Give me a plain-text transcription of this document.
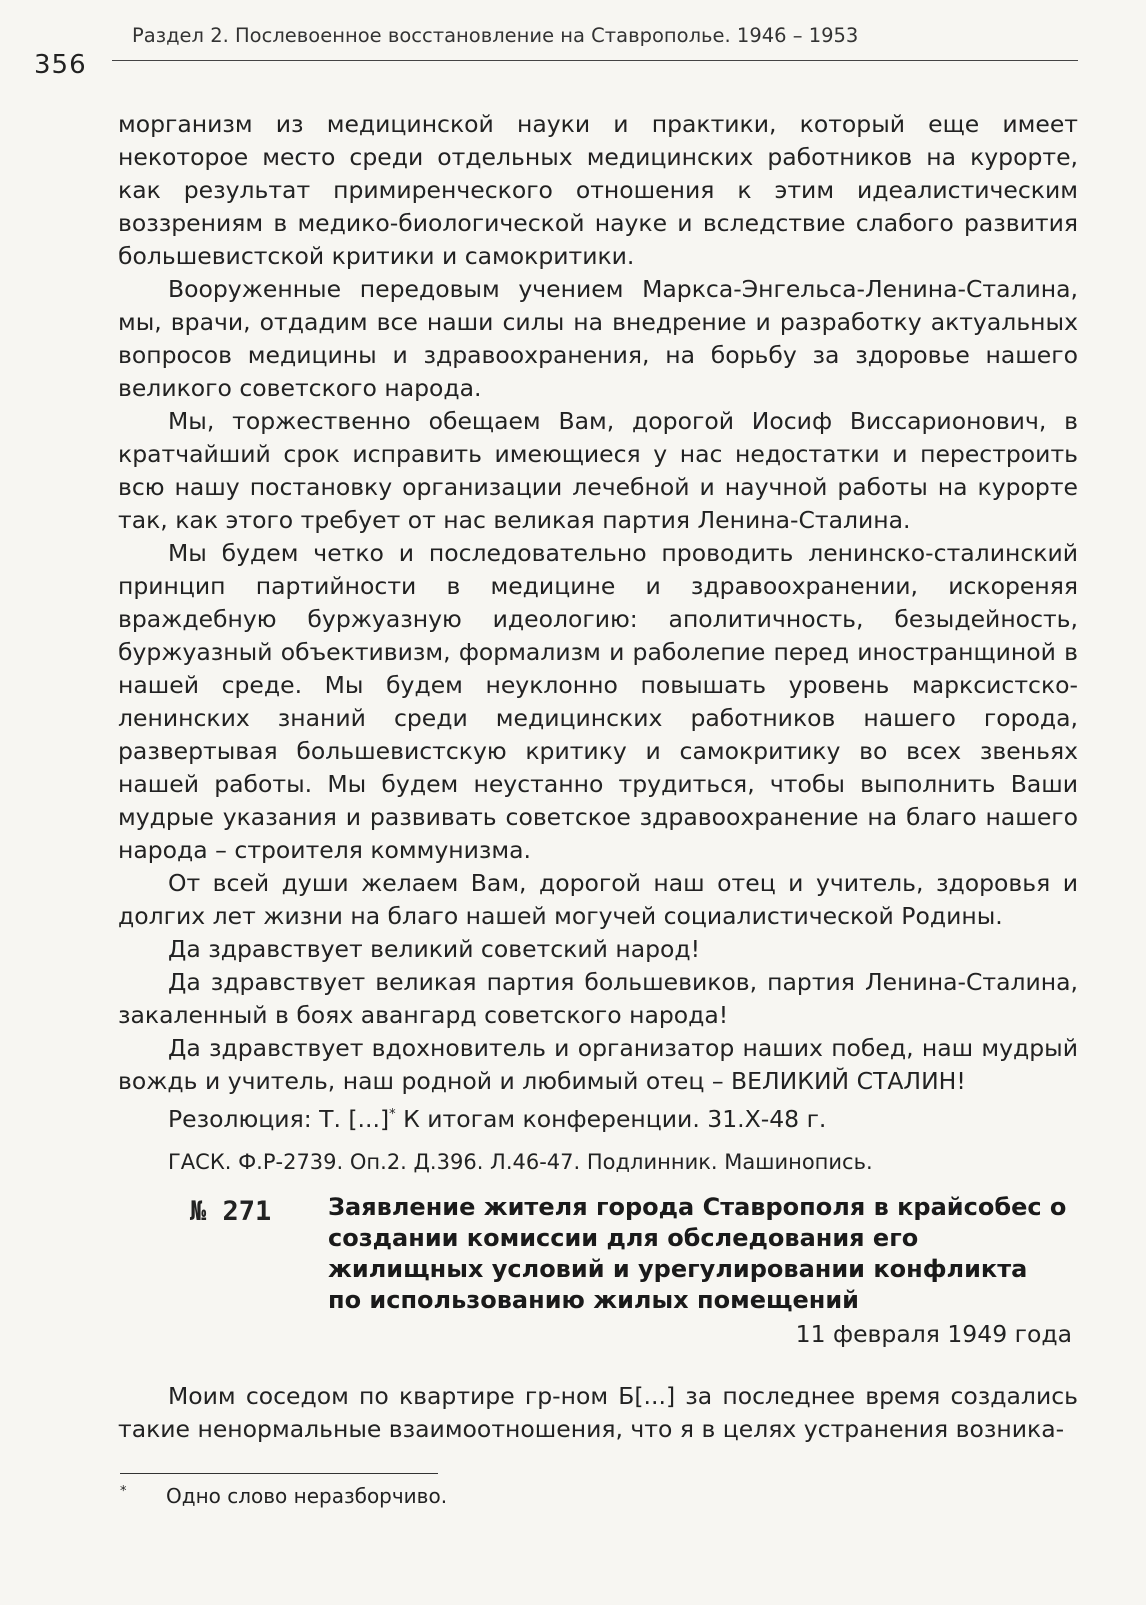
356
Раздел 2. Послевоенное восстановление на Ставрополье. 1946 – 1953

морганизм из медицинской науки и практики, который еще имеет некоторое место среди отдельных медицинских работников на курорте, как результат примиренческого отношения к этим идеалистическим воззрениям в медико-биологической науке и вследствие слабого развития большевистской критики и самокритики.

Вооруженные передовым учением Маркса-Энгельса-Ленина-Сталина, мы, врачи, отдадим все наши силы на внедрение и разработку актуальных вопросов медицины и здравоохранения, на борьбу за здоровье нашего великого советского народа.

Мы, торжественно обещаем Вам, дорогой Иосиф Виссарионович, в кратчайший срок исправить имеющиеся у нас недостатки и перестроить всю нашу постановку организации лечебной и научной работы на курорте так, как этого требует от нас великая партия Ленина-Сталина.

Мы будем четко и последовательно проводить ленинско-сталинский принцип партийности в медицине и здравоохранении, искореняя враждебную буржуазную идеологию: аполитичность, безыдейность, буржуазный объективизм, формализм и раболепие перед иностранщиной в нашей среде. Мы будем неуклонно повышать уровень марксистско-ленинских знаний среди медицинских работников нашего города, развертывая большевистскую критику и самокритику во всех звеньях нашей работы. Мы будем неустанно трудиться, чтобы выполнить Ваши мудрые указания и развивать советское здравоохранение на благо нашего народа – строителя коммунизма.

От всей души желаем Вам, дорогой наш отец и учитель, здоровья и долгих лет жизни на благо нашей могучей социалистической Родины.

Да здравствует великий советский народ!

Да здравствует великая партия большевиков, партия Ленина-Сталина, закаленный в боях авангард советского народа!

Да здравствует вдохновитель и организатор наших побед, наш мудрый вождь и учитель, наш родной и любимый отец – ВЕЛИКИЙ СТАЛИН!

Резолюция: Т. [...]* К итогам конференции. 31.Х-48 г.

ГАСК. Ф.Р-2739. Оп.2. Д.396. Л.46-47. Подлинник. Машинопись.

№ 271 Заявление жителя города Ставрополя в крайсобес о создании комиссии для обследования его жилищных условий и урегулировании конфликта по использованию жилых помещений
11 февраля 1949 года

Моим соседом по квартире гр-ном Б[...] за последнее время создались такие ненормальные взаимоотношения, что я в целях устранения возника-

* Одно слово неразборчиво.
